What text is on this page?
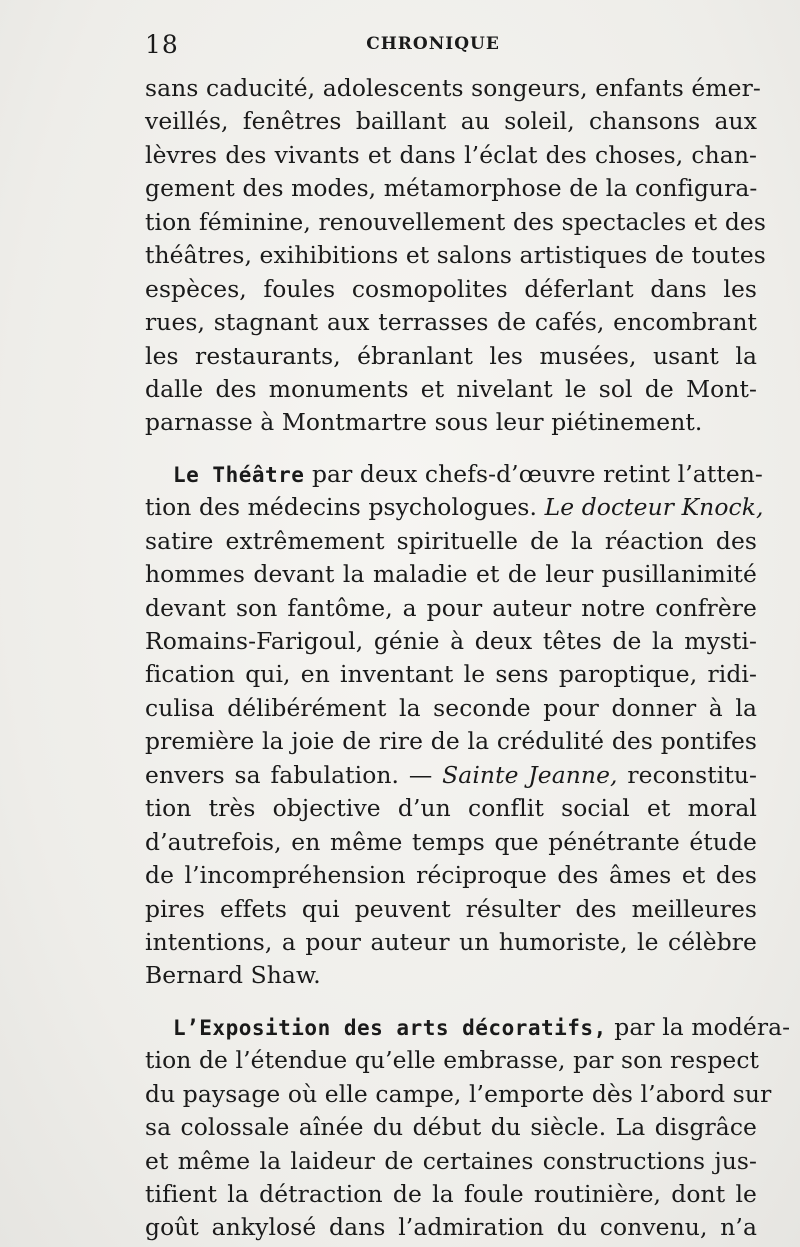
18	CHRONIQUE
sans caducité, adolescents songeurs, enfants émer-
veillés, fenêtres baillant au soleil, chansons aux
lèvres des vivants et dans l’éclat des choses, chan-
gement des modes, métamorphose de la configura-
tion féminine, renouvellement des spectacles et des
théâtres, exihibitions et salons artistiques de toutes
espèces, foules cosmopolites déferlant dans les
rues, stagnant aux terrasses de cafés, encombrant
les restaurants, ébranlant les musées, usant la
dalle des monuments et nivelant le sol de Mont-
parnasse à Montmartre sous leur piétinement.
Le Théâtre par deux chefs-d’œuvre retint l’atten-
tion des médecins psychologues. Le docteur Knock,
satire extrêmement spirituelle de la réaction des
hommes devant la maladie et de leur pusillanimité
devant son fantôme, a pour auteur notre confrère
Romains-Farigoul, génie à deux têtes de la mysti-
fication qui, en inventant le sens paroptique, ridi-
culisa délibérément la seconde pour donner à la
première la joie de rire de la crédulité des pontifes
envers sa fabulation. — Sainte Jeanne, reconstitu-
tion très objective d’un conflit social et moral
d’autrefois, en même temps que pénétrante étude
de l’incompréhension réciproque des âmes et des
pires effets qui peuvent résulter des meilleures
intentions, a pour auteur un humoriste, le célèbre
Bernard Shaw.
L’Exposition des arts décoratifs, par la modéra-
tion de l’étendue qu’elle embrasse, par son respect
du paysage où elle campe, l’emporte dès l’abord sur
sa colossale aînée du début du siècle. La disgrâce
et même la laideur de certaines constructions jus-
tifient la détraction de la foule routinière, dont le
goût ankylosé dans l’admiration du convenu, n’a
